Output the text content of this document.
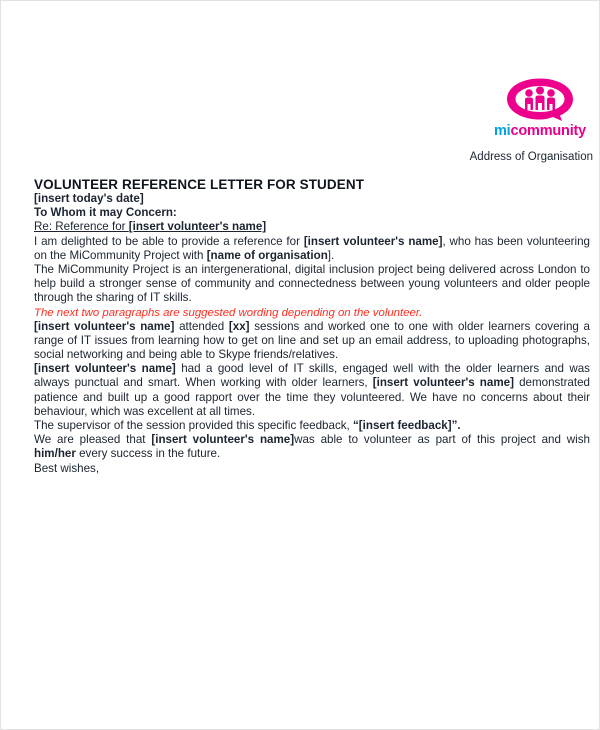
micommunity
Address of Organisation
VOLUNTEER REFERENCE LETTER FOR STUDENT

[insert today's date]

To Whom it may Concern:

Re: Reference for [insert volunteer's name]

I am delighted to be able to provide a reference for [insert volunteer's name], who has been volunteering on the MiCommunity Project with [name of organisation].

The MiCommunity Project is an intergenerational, digital inclusion project being delivered across London to help build a stronger sense of community and connectedness between young volunteers and older people through the sharing of IT skills.

The next two paragraphs are suggested wording depending on the volunteer.

[insert volunteer's name] attended [xx] sessions and worked one to one with older learners covering a range of IT issues from learning how to get on line and set up an email address, to uploading photographs, social networking and being able to Skype friends/relatives.

[insert volunteer's name] had a good level of IT skills, engaged well with the older learners and was always punctual and smart. When working with older learners, [insert volunteer's name] demonstrated patience and built up a good rapport over the time they volunteered. We have no concerns about their behaviour, which was excellent at all times.

The supervisor of the session provided this specific feedback, “[insert feedback]”.

We are pleased that [insert volunteer's name]was able to volunteer as part of this project and wish him/her every success in the future.

Best wishes,
